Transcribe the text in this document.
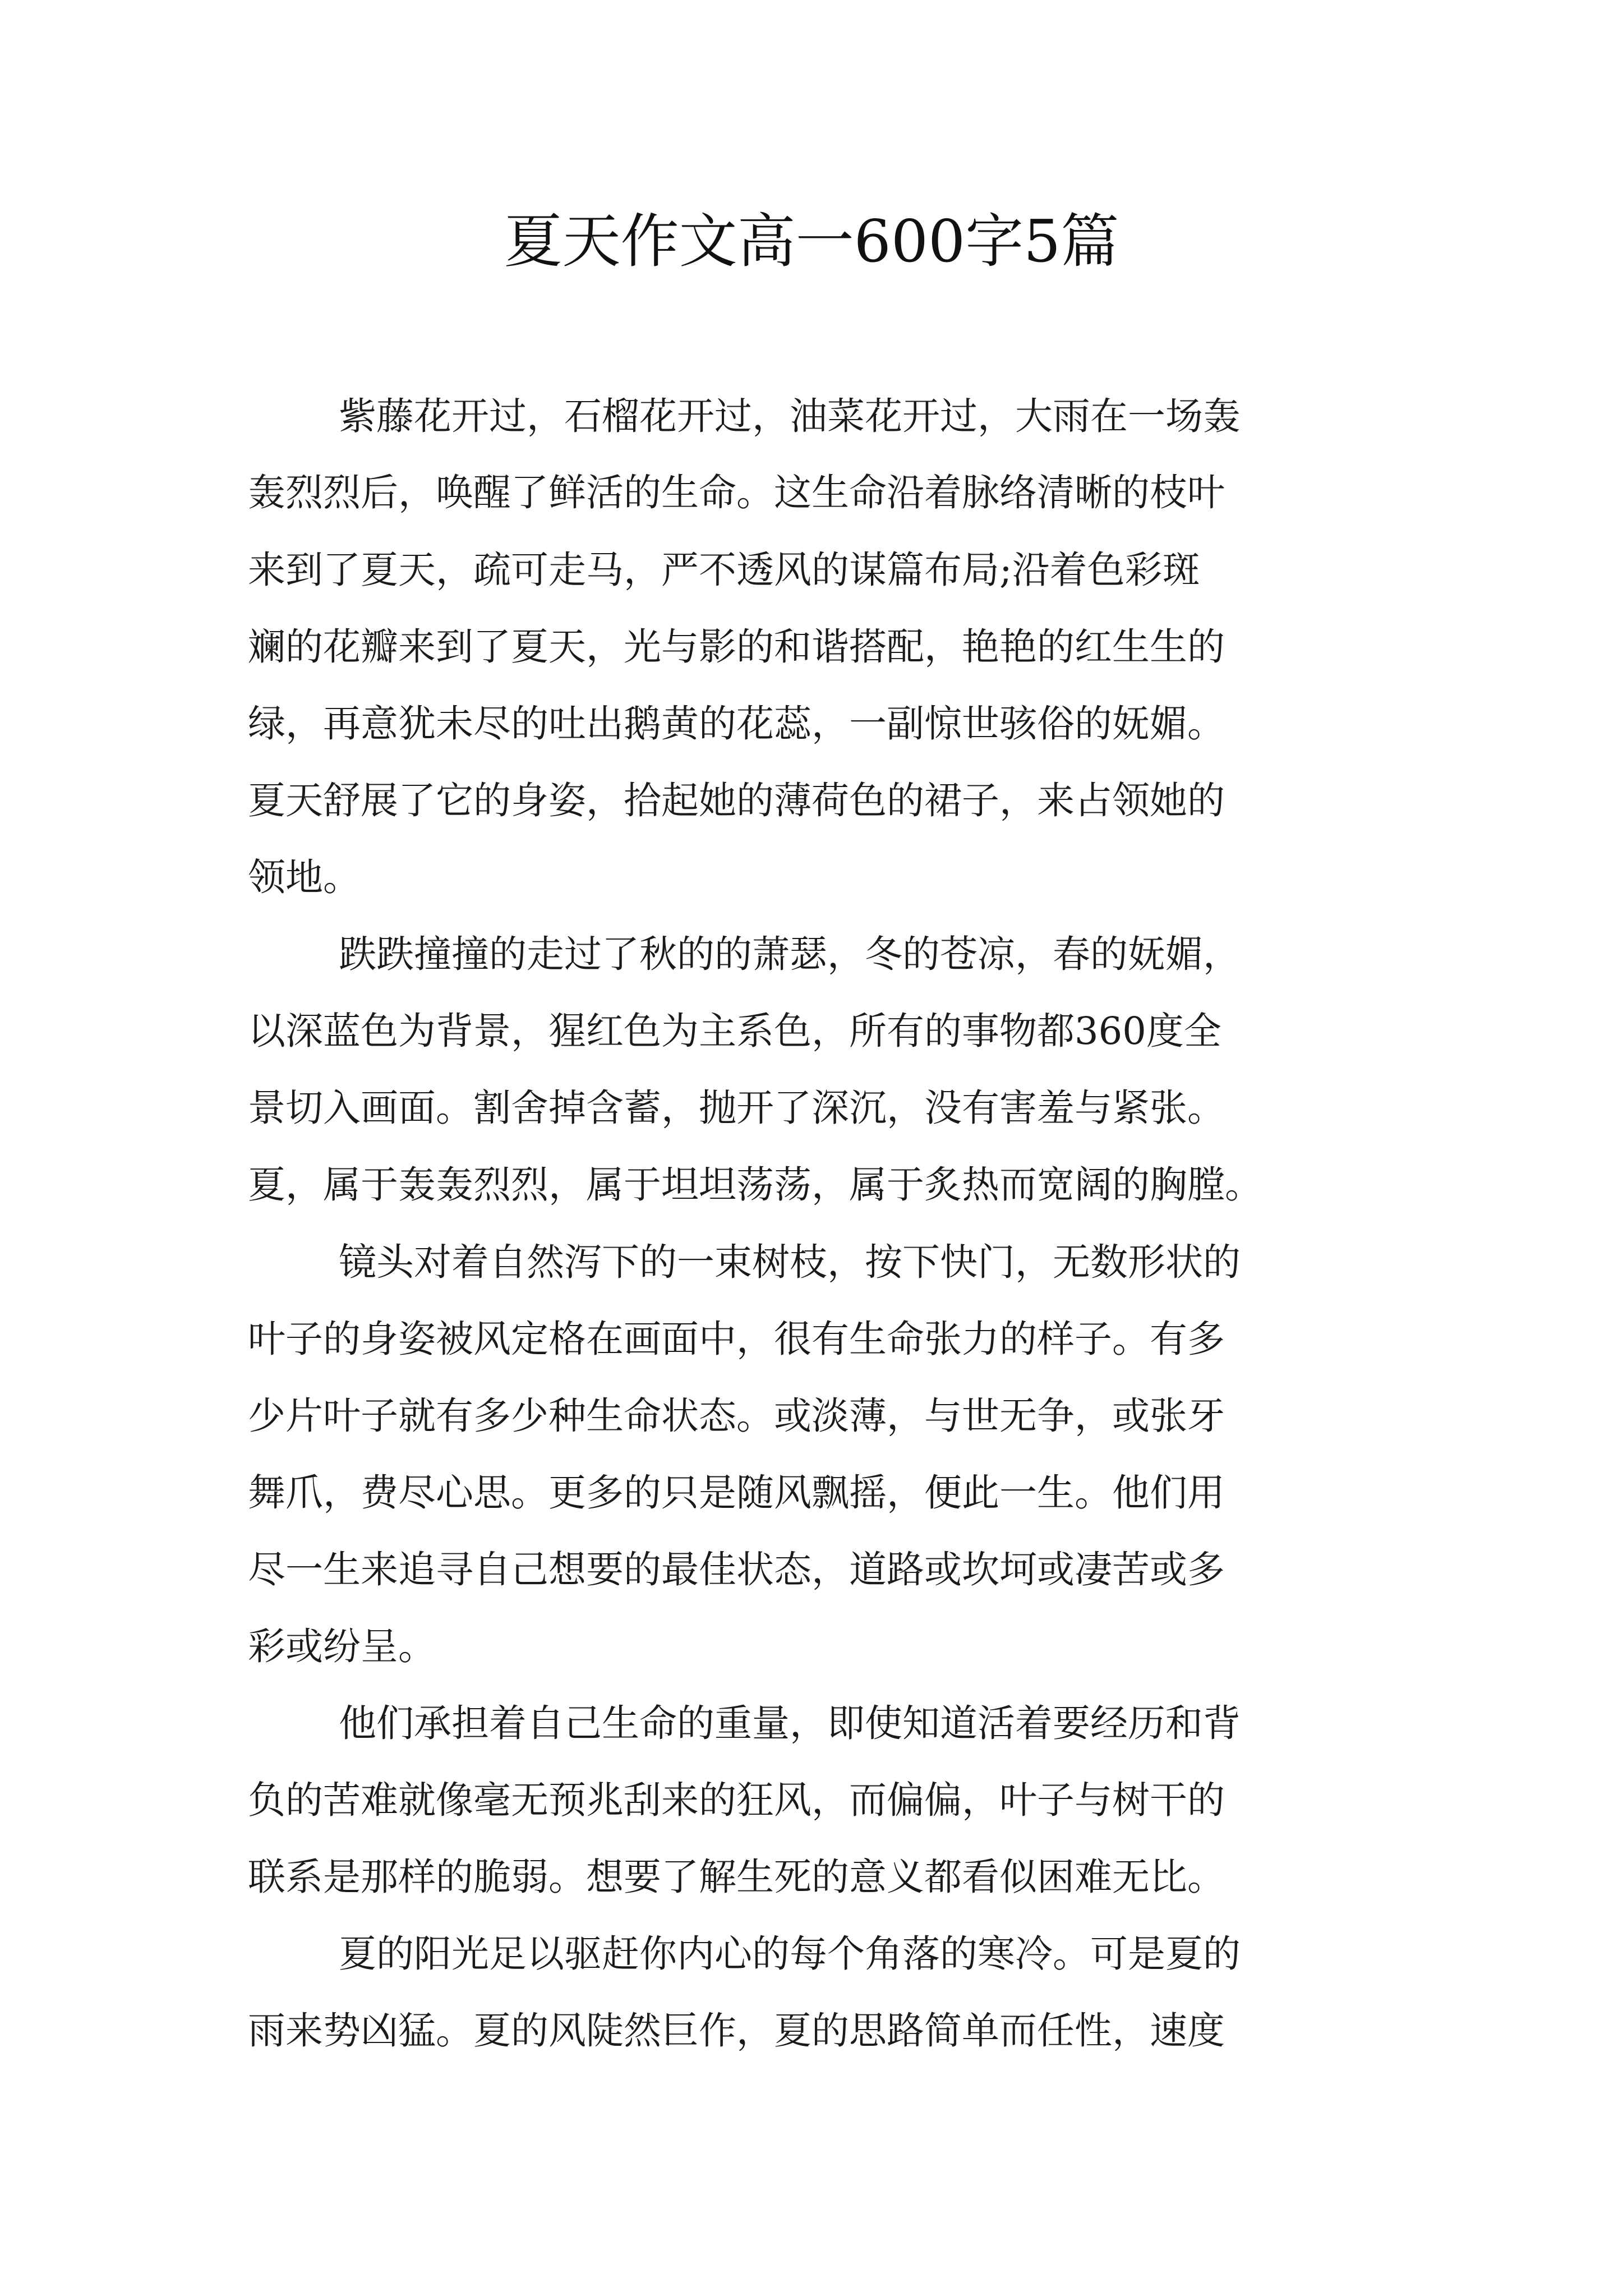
夏天作文高一600字5篇
紫藤花开过，石榴花开过，油菜花开过，大雨在一场轰
轰烈烈后，唤醒了鲜活的生命。这生命沿着脉络清晰的枝叶
来到了夏天，疏可走马，严不透风的谋篇布局;沿着色彩斑
斓的花瓣来到了夏天，光与影的和谐搭配，艳艳的红生生的
绿，再意犹未尽的吐出鹅黄的花蕊，一副惊世骇俗的妩媚。
夏天舒展了它的身姿，拾起她的薄荷色的裙子，来占领她的
领地。
跌跌撞撞的走过了秋的的萧瑟，冬的苍凉，春的妩媚，
以深蓝色为背景，猩红色为主系色，所有的事物都360度全
景切入画面。割舍掉含蓄，抛开了深沉，没有害羞与紧张。
夏，属于轰轰烈烈，属于坦坦荡荡，属于炙热而宽阔的胸膛。
镜头对着自然泻下的一束树枝，按下快门，无数形状的
叶子的身姿被风定格在画面中，很有生命张力的样子。有多
少片叶子就有多少种生命状态。或淡薄，与世无争，或张牙
舞爪，费尽心思。更多的只是随风飘摇，便此一生。他们用
尽一生来追寻自己想要的最佳状态，道路或坎坷或凄苦或多
彩或纷呈。
他们承担着自己生命的重量，即使知道活着要经历和背
负的苦难就像毫无预兆刮来的狂风，而偏偏，叶子与树干的
联系是那样的脆弱。想要了解生死的意义都看似困难无比。
夏的阳光足以驱赶你内心的每个角落的寒冷。可是夏的
雨来势凶猛。夏的风陡然巨作，夏的思路简单而任性，速度
